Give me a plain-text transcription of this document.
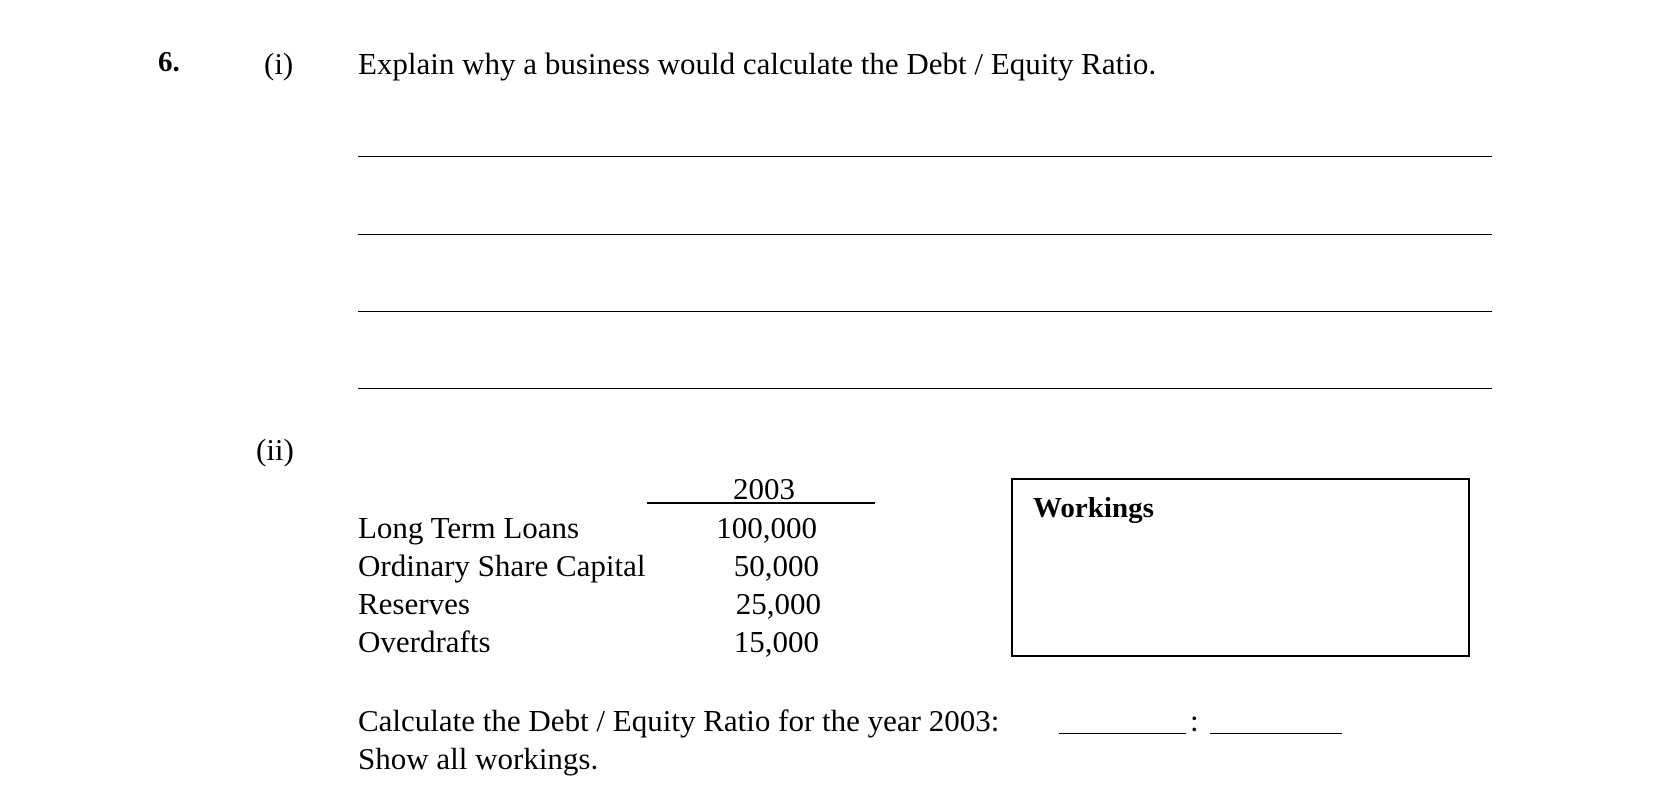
6.	(i) Explain why a business would calculate the Debt / Equity Ratio.
(ii)
2003
Long Term Loans	100,000
Ordinary Share Capital	50,000
Reserves	25,000
Overdrafts	15,000
Workings
Calculate the Debt / Equity Ratio for the year 2003:	:
Show all workings.
